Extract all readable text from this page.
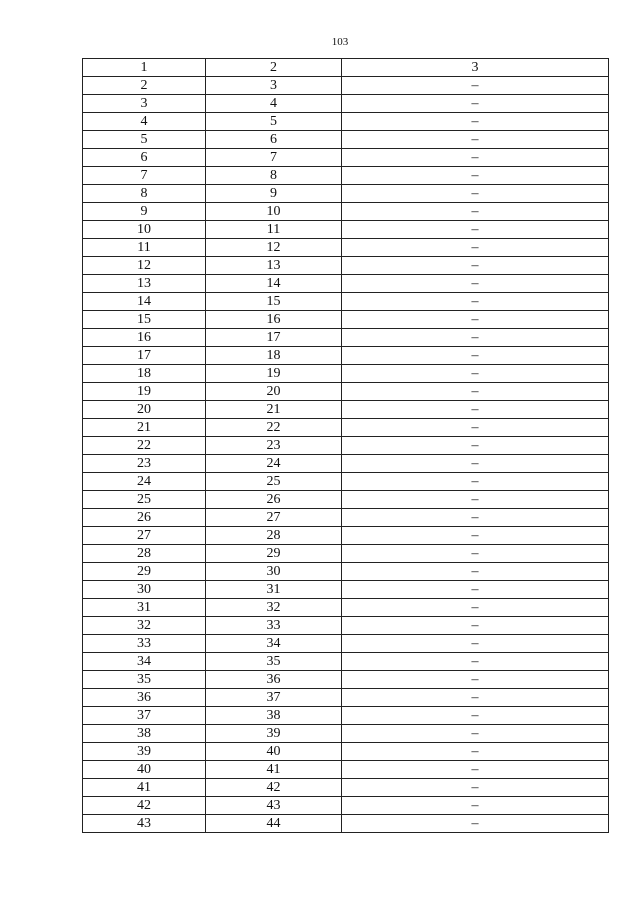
103
1	2	3
2	3	–
3	4	–
4	5	–
5	6	–
6	7	–
7	8	–
8	9	–
9	10	–
10	11	–
11	12	–
12	13	–
13	14	–
14	15	–
15	16	–
16	17	–
17	18	–
18	19	–
19	20	–
20	21	–
21	22	–
22	23	–
23	24	–
24	25	–
25	26	–
26	27	–
27	28	–
28	29	–
29	30	–
30	31	–
31	32	–
32	33	–
33	34	–
34	35	–
35	36	–
36	37	–
37	38	–
38	39	–
39	40	–
40	41	–
41	42	–
42	43	–
43	44	–
